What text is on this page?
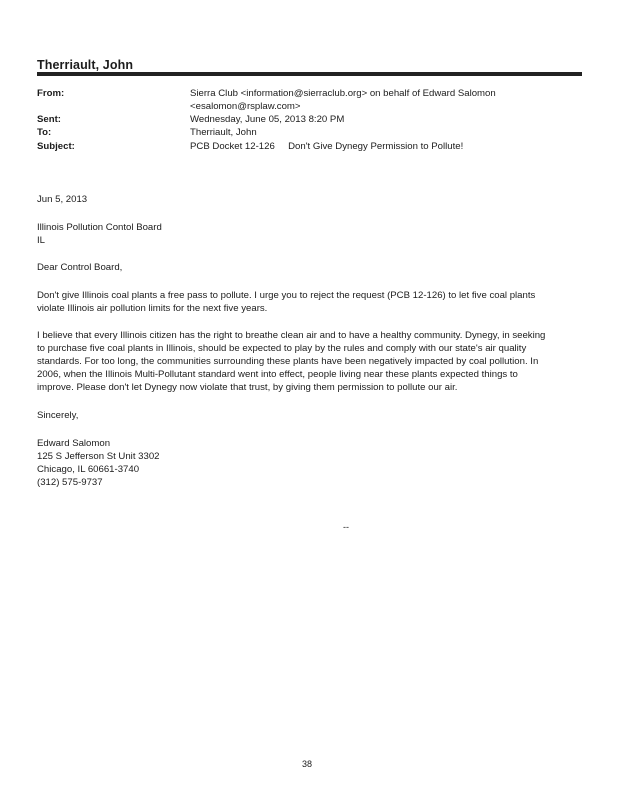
Therriault, John
From:	Sierra Club <information@sierraclub.org> on behalf of Edward Salomon
<esalomon@rsplaw.com>
Sent:	Wednesday, June 05, 2013 8:20 PM
To:	Therriault, John
Subject:	PCB Docket 12-126     Don't Give Dynegy Permission to Pollute!
Jun 5, 2013
Illinois Pollution Contol Board
IL
Dear Control Board,
Don't give Illinois coal plants a free pass to pollute. I urge you to reject the request (PCB 12-126) to let five coal plants
violate Illinois air pollution limits for the next five years.
I believe that every Illinois citizen has the right to breathe clean air and to have a healthy community. Dynegy, in seeking
to purchase five coal plants in Illinois, should be expected to play by the rules and comply with our state's air quality
standards. For too long, the communities surrounding these plants have been negatively impacted by coal pollution. In
2006, when the Illinois Multi-Pollutant standard went into effect, people living near these plants expected things to
improve. Please don't let Dynegy now violate that trust, by giving them permission to pollute our air.
Sincerely,
Edward Salomon
125 S Jefferson St Unit 3302
Chicago, IL 60661-3740
(312) 575-9737
--
38
